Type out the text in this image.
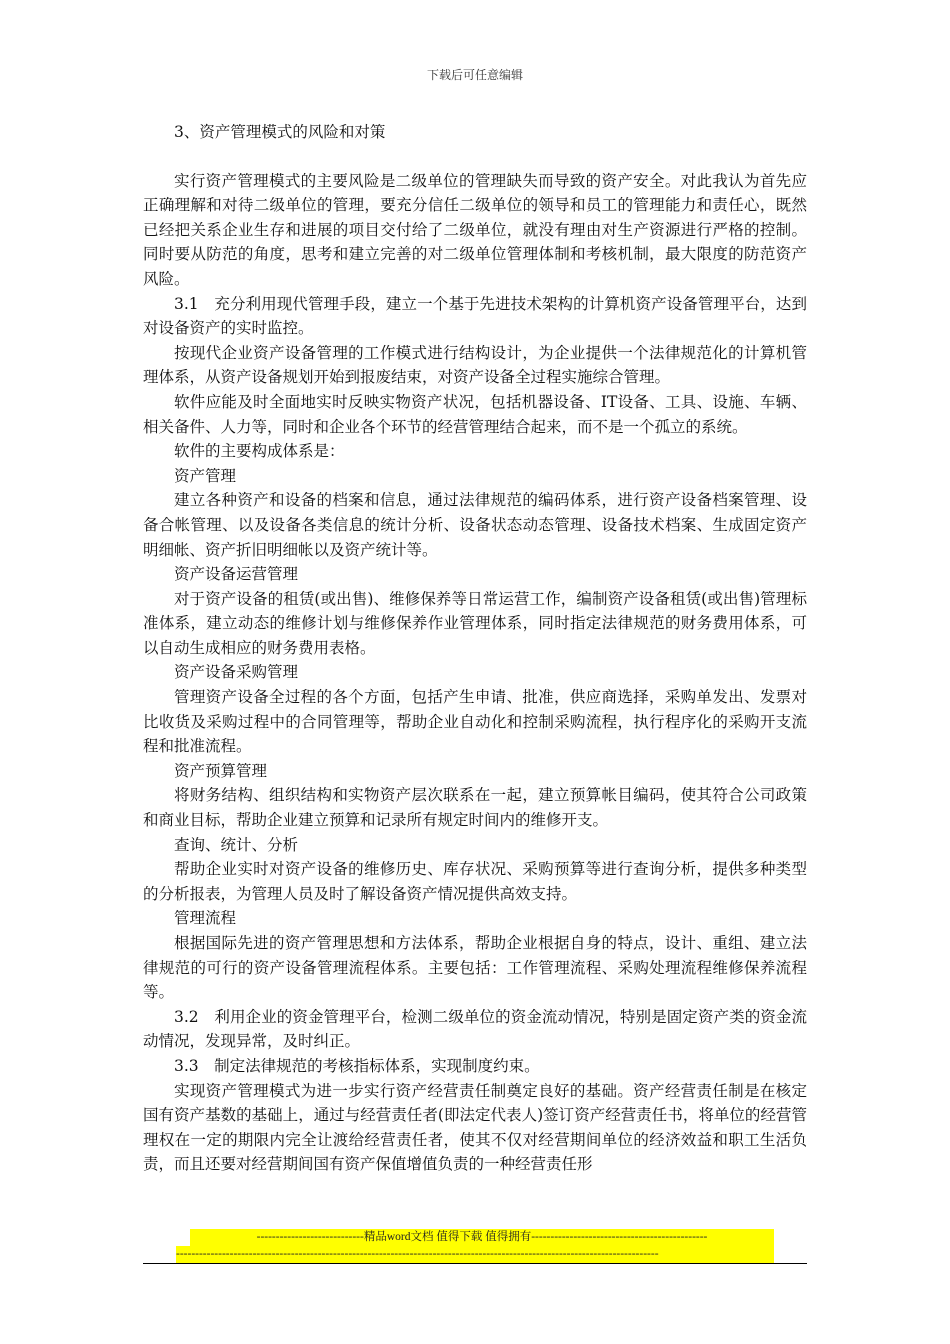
下载后可任意编辑

3、资产管理模式的风险和对策

实行资产管理模式的主要风险是二级单位的管理缺失而导致的资产安全。对此我认为首先应正确理解和对待二级单位的管理，要充分信任二级单位的领导和员工的管理能力和责任心，既然已经把关系企业生存和进展的项目交付给了二级单位，就没有理由对生产资源进行严格的控制。同时要从防范的角度，思考和建立完善的对二级单位管理体制和考核机制，最大限度的防范资产风险。

3.1　充分利用现代管理手段，建立一个基于先进技术架构的计算机资产设备管理平台，达到对设备资产的实时监控。

按现代企业资产设备管理的工作模式进行结构设计，为企业提供一个法律规范化的计算机管理体系，从资产设备规划开始到报废结束，对资产设备全过程实施综合管理。

软件应能及时全面地实时反映实物资产状况，包括机器设备、IT设备、工具、设施、车辆、相关备件、人力等，同时和企业各个环节的经营管理结合起来，而不是一个孤立的系统。

软件的主要构成体系是：

资产管理

建立各种资产和设备的档案和信息，通过法律规范的编码体系，进行资产设备档案管理、设备合帐管理、以及设备各类信息的统计分析、设备状态动态管理、设备技术档案、生成固定资产明细帐、资产折旧明细帐以及资产统计等。

资产设备运营管理

对于资产设备的租赁(或出售)、维修保养等日常运营工作，编制资产设备租赁(或出售)管理标准体系，建立动态的维修计划与维修保养作业管理体系，同时指定法律规范的财务费用体系，可以自动生成相应的财务费用表格。

资产设备采购管理

管理资产设备全过程的各个方面，包括产生申请、批准，供应商选择，采购单发出、发票对比收货及采购过程中的合同管理等，帮助企业自动化和控制采购流程，执行程序化的采购开支流程和批准流程。

资产预算管理

将财务结构、组织结构和实物资产层次联系在一起，建立预算帐目编码，使其符合公司政策和商业目标，帮助企业建立预算和记录所有规定时间内的维修开支。

查询、统计、分析

帮助企业实时对资产设备的维修历史、库存状况、采购预算等进行查询分析，提供多种类型的分析报表，为管理人员及时了解设备资产情况提供高效支持。

管理流程

根据国际先进的资产管理思想和方法体系，帮助企业根据自身的特点，设计、重组、建立法律规范的可行的资产设备管理流程体系。主要包括：工作管理流程、采购处理流程维修保养流程等。

3.2　利用企业的资金管理平台，检测二级单位的资金流动情况，特别是固定资产类的资金流动情况，发现异常，及时纠正。

3.3　制定法律规范的考核指标体系，实现制度约束。

实现资产管理模式为进一步实行资产经营责任制奠定良好的基础。资产经营责任制是在核定国有资产基数的基础上，通过与经营责任者(即法定代表人)签订资产经营责任书，将单位的经营管理权在一定的期限内完全让渡给经营责任者，使其不仅对经营期间单位的经济效益和职工生活负责，而且还要对经营期间国有资产保值增值负责的一种经营责任形

----------------------------精品word文档 值得下载 值得拥有----------------------------------------------
------------------------------------------------------------------------------------------------------------------------------
